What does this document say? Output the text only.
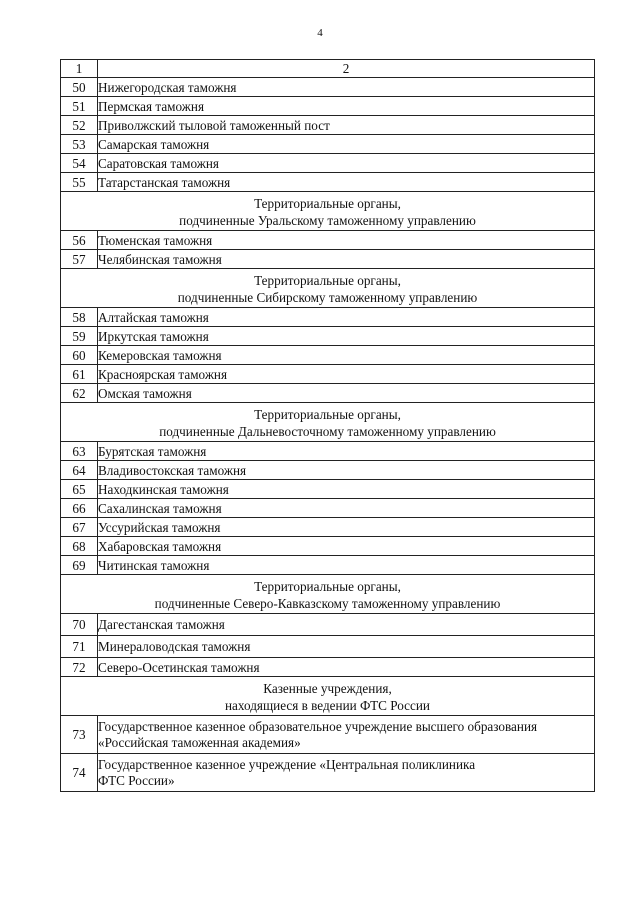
4
1	2
50	Нижегородская таможня
51	Пермская таможня
52	Приволжский тыловой таможенный пост
53	Самарская таможня
54	Саратовская таможня
55	Татарстанская таможня

Территориальные органы,
подчиненные Уральскому таможенному управлению	

56	Тюменская таможня
57	Челябинская таможня

Территориальные органы,
подчиненные Сибирскому таможенному управлению	

58	Алтайская таможня
59	Иркутская таможня
60	Кемеровская таможня
61	Красноярская таможня
62	Омская таможня

Территориальные органы,
подчиненные Дальневосточному таможенному управлению	

63	Бурятская таможня
64	Владивостокская таможня
65	Находкинская таможня
66	Сахалинская таможня
67	Уссурийская таможня
68	Хабаровская таможня
69	Читинская таможня

Территориальные органы,
подчиненные Северо-Кавказскому таможенному управлению	

70	Дагестанская таможня
71	Минераловодская таможня
72	Северо-Осетинская таможня

Казенные учреждения,
находящиеся в ведении ФТС России	

73	Государственное казенное образовательное учреждение высшего образования
«Российская таможенная академия»

74	Государственное казенное учреждение «Центральная поликлиника
ФТС России»
